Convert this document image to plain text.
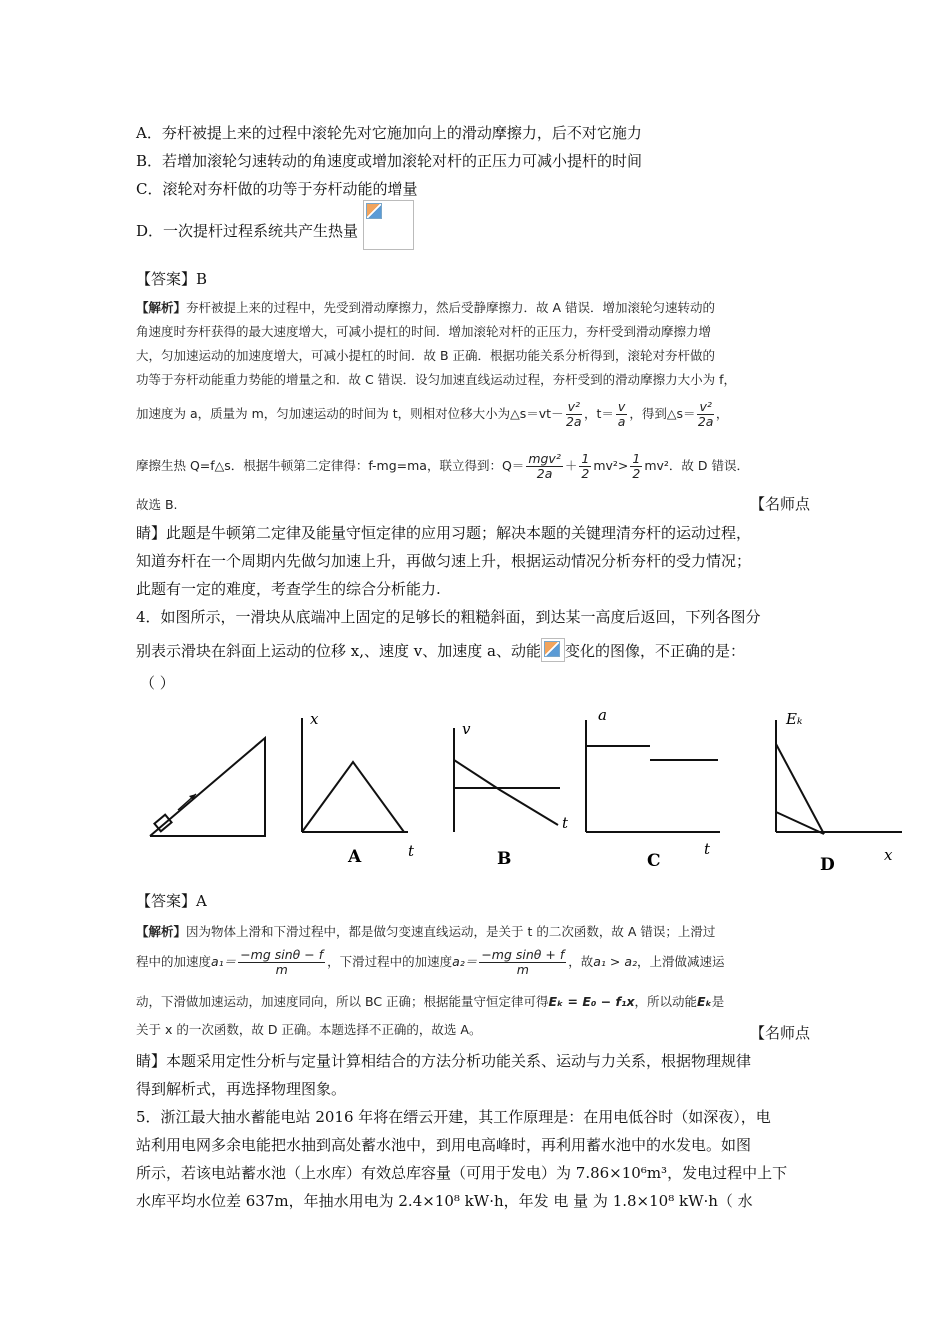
A．夯杆被提上来的过程中滚轮先对它施加向上的滑动摩擦力，后不对它施力
B．若增加滚轮匀速转动的角速度或增加滚轮对杆的正压力可减小提杆的时间
C．滚轮对夯杆做的功等于夯杆动能的增量
D．一次提杆过程系统共产生热量
【答案】B
【解析】夯杆被提上来的过程中，先受到滑动摩擦力，然后受静摩擦力．故 A 错误．增加滚轮匀速转动的
角速度时夯杆获得的最大速度增大，可减小提杠的时间．增加滚轮对杆的正压力，夯杆受到滑动摩擦力增
大，匀加速运动的加速度增大，可减小提杠的时间．故 B 正确．根据功能关系分析得到，滚轮对夯杆做的
功等于夯杆动能重力势能的增量之和．故 C 错误．设匀加速直线运动过程，夯杆受到的滑动摩擦力大小为 f，
加速度为 a，质量为 m，匀加速运动的时间为 t，则相对位移大小为△s＝vt－ $\frac{\text{v²}}{2a}$ ，$t= \frac{v}{a}$ ，得到△s＝ $\frac{\text{v²}}{2a}$ ，
摩擦生热 Q=f△s．根据牛顿第二定律得：f-mg=ma，联立得到：Q＝ mgv²
2a
＋ $\frac{1}{2} mv^2> \frac{1}{2} mv^2$．故 D 错误．
故选 B.	【名师点
睛】此题是牛顿第二定律及能量守恒定律的应用习题；解决本题的关键理清夯杆的运动过程，
知道夯杆在一个周期内先做匀加速上升，再做匀速上升，根据运动情况分析夯杆的受力情况；
此题有一定的难度，考查学生的综合分析能力.
4．如图所示，一滑块从底端冲上固定的足够长的粗糙斜面，到达某一高度后返回，下列各图分
别表示滑块在斜面上运动的位移 x,、速度 v、加速度 a、动能 变化的图像，不正确的是：
（ ）
x
t
A
v
t
B
a
t
C
Eₖ
x
D
【答案】A
【解析】因为物体上滑和下滑过程中，都是做匀变速直线运动，是关于 t 的二次函数，故 A 错误；上滑过
程中的加速度$a_1= \frac{\text{−mg sinθ − f}}{m}$ ，下滑过程中的加速度$a_2= \frac{\text{−mg sinθ + f}}{m}$ ，故a₁ > a₂，上滑做减速运
动，下滑做加速运动，加速度同向，所以 BC 正确；根据能量守恒定律可得Eₖ = E₀ − f₁x，所以动能Eₖ是
关于 x 的一次函数，故 D 正确。本题选择不正确的，故选 A。	【名师点
睛】本题采用定性分析与定量计算相结合的方法分析功能关系、运动与力关系，根据物理规律
得到解析式，再选择物理图象。
5．浙江最大抽水蓄能电站 2016 年将在缙云开建，其工作原理是：在用电低谷时（如深夜），电
站利用电网多余电能把水抽到高处蓄水池中，到用电高峰时，再利用蓄水池中的水发电。如图
所示，若该电站蓄水池（上水库）有效总库容量（可用于发电）为 7.86×10⁶m³，发电过程中上下
水库平均水位差 637m，年抽水用电为 2.4×10⁸ kW·h，年发 电 量 为 1.8×10⁸ kW·h（ 水
